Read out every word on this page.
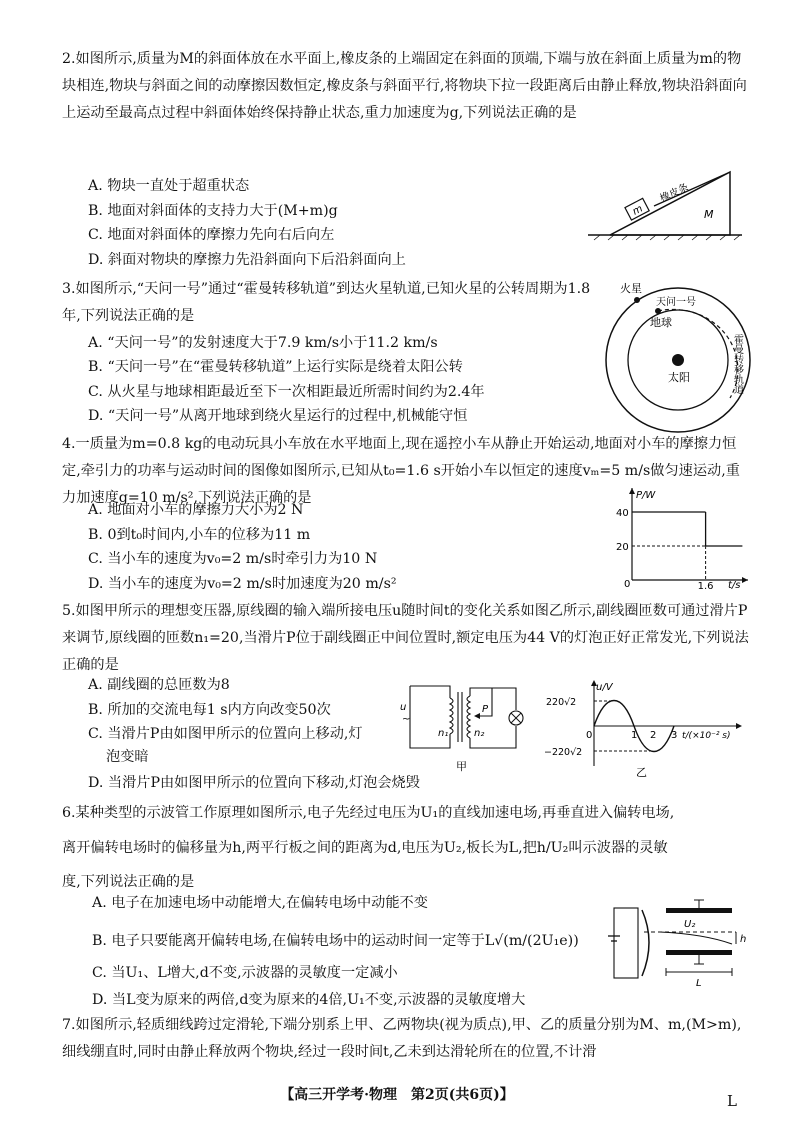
2.如图所示,质量为M的斜面体放在水平面上,橡皮条的上端固定在斜面的顶端,下端与放在斜面上质量为m的物块相连,物块与斜面之间的动摩擦因数恒定,橡皮条与斜面平行,将物块下拉一段距离后由静止释放,物块沿斜面向上运动至最高点过程中斜面体始终保持静止状态,重力加速度为g,下列说法正确的是
A. 物块一直处于超重状态
B. 地面对斜面体的支持力大于(M+m)g
C. 地面对斜面体的摩擦力先向右后向左
D. 斜面对物块的摩擦力先沿斜面向下后沿斜面向上
m
橡皮条
M
3.如图所示,“天问一号”通过“霍曼转移轨道”到达火星轨道,已知火星的公转周期为1.8年,下列说法正确的是
A. “天问一号”的发射速度大于7.9 km/s小于11.2 km/s
B. “天问一号”在“霍曼转移轨道”上运行实际是绕着太阳公转
C. 从火星与地球相距最近至下一次相距最近所需时间约为2.4年
D. “天问一号”从离开地球到绕火星运行的过程中,机械能守恒
火星
天问一号
地球
太阳	霍曼转移轨道
4.一质量为m=0.8 kg的电动玩具小车放在水平地面上,现在遥控小车从静止开始运动,地面对小车的摩擦力恒定,牵引力的功率与运动时间的图像如图所示,已知从t₀=1.6 s开始小车以恒定的速度vₘ=5 m/s做匀速运动,重力加速度g=10 m/s²,下列说法正确的是
A. 地面对小车的摩擦力大小为2 N
B. 0到t₀时间内,小车的位移为11 m
C. 当小车的速度为v₀=2 m/s时牵引力为10 N
D. 当小车的速度为v₀=2 m/s时加速度为20 m/s²
P/W
t/s
0
20
40
1.6
5.如图甲所示的理想变压器,原线圈的输入端所接电压u随时间t的变化关系如图乙所示,副线圈匝数可通过滑片P来调节,原线圈的匝数n₁=20,当滑片P位于副线圈正中间位置时,额定电压为44 V的灯泡正好正常发光,下列说法正确的是
A. 副线圈的总匝数为8
B. 所加的交流电每1 s内方向改变50次
C. 当滑片P由如图甲所示的位置向上移动,灯
泡变暗
D. 当滑片P由如图甲所示的位置向下移动,灯泡会烧毁
P
u
~
n₁	n₂
甲
u/V
220√2
−220√2
0	1 2 3 t/(×10⁻² s)
乙
6.某种类型的示波管工作原理如图所示,电子先经过电压为U₁的直线加速电场,再垂直进入偏转电场,
离开偏转电场时的偏移量为h,两平行板之间的距离为d,电压为U₂,板长为L,把h/U₂叫示波器的灵敏
度,下列说法正确的是
A. 电子在加速电场中动能增大,在偏转电场中动能不变
B. 电子只要能离开偏转电场,在偏转电场中的运动时间一定等于L√(m/(2U₁e))
C. 当U₁、L增大,d不变,示波器的灵敏度一定减小
D. 当L变为原来的两倍,d变为原来的4倍,U₁不变,示波器的灵敏度增大
h
U₂
L
7.如图所示,轻质细线跨过定滑轮,下端分别系上甲、乙两物块(视为质点),甲、乙的质量分别为M、m,(M>m),细线绷直时,同时由静止释放两个物块,经过一段时间t,乙未到达滑轮所在的位置,不计滑
【高三开学考·物理　第2页(共6页)】	L
